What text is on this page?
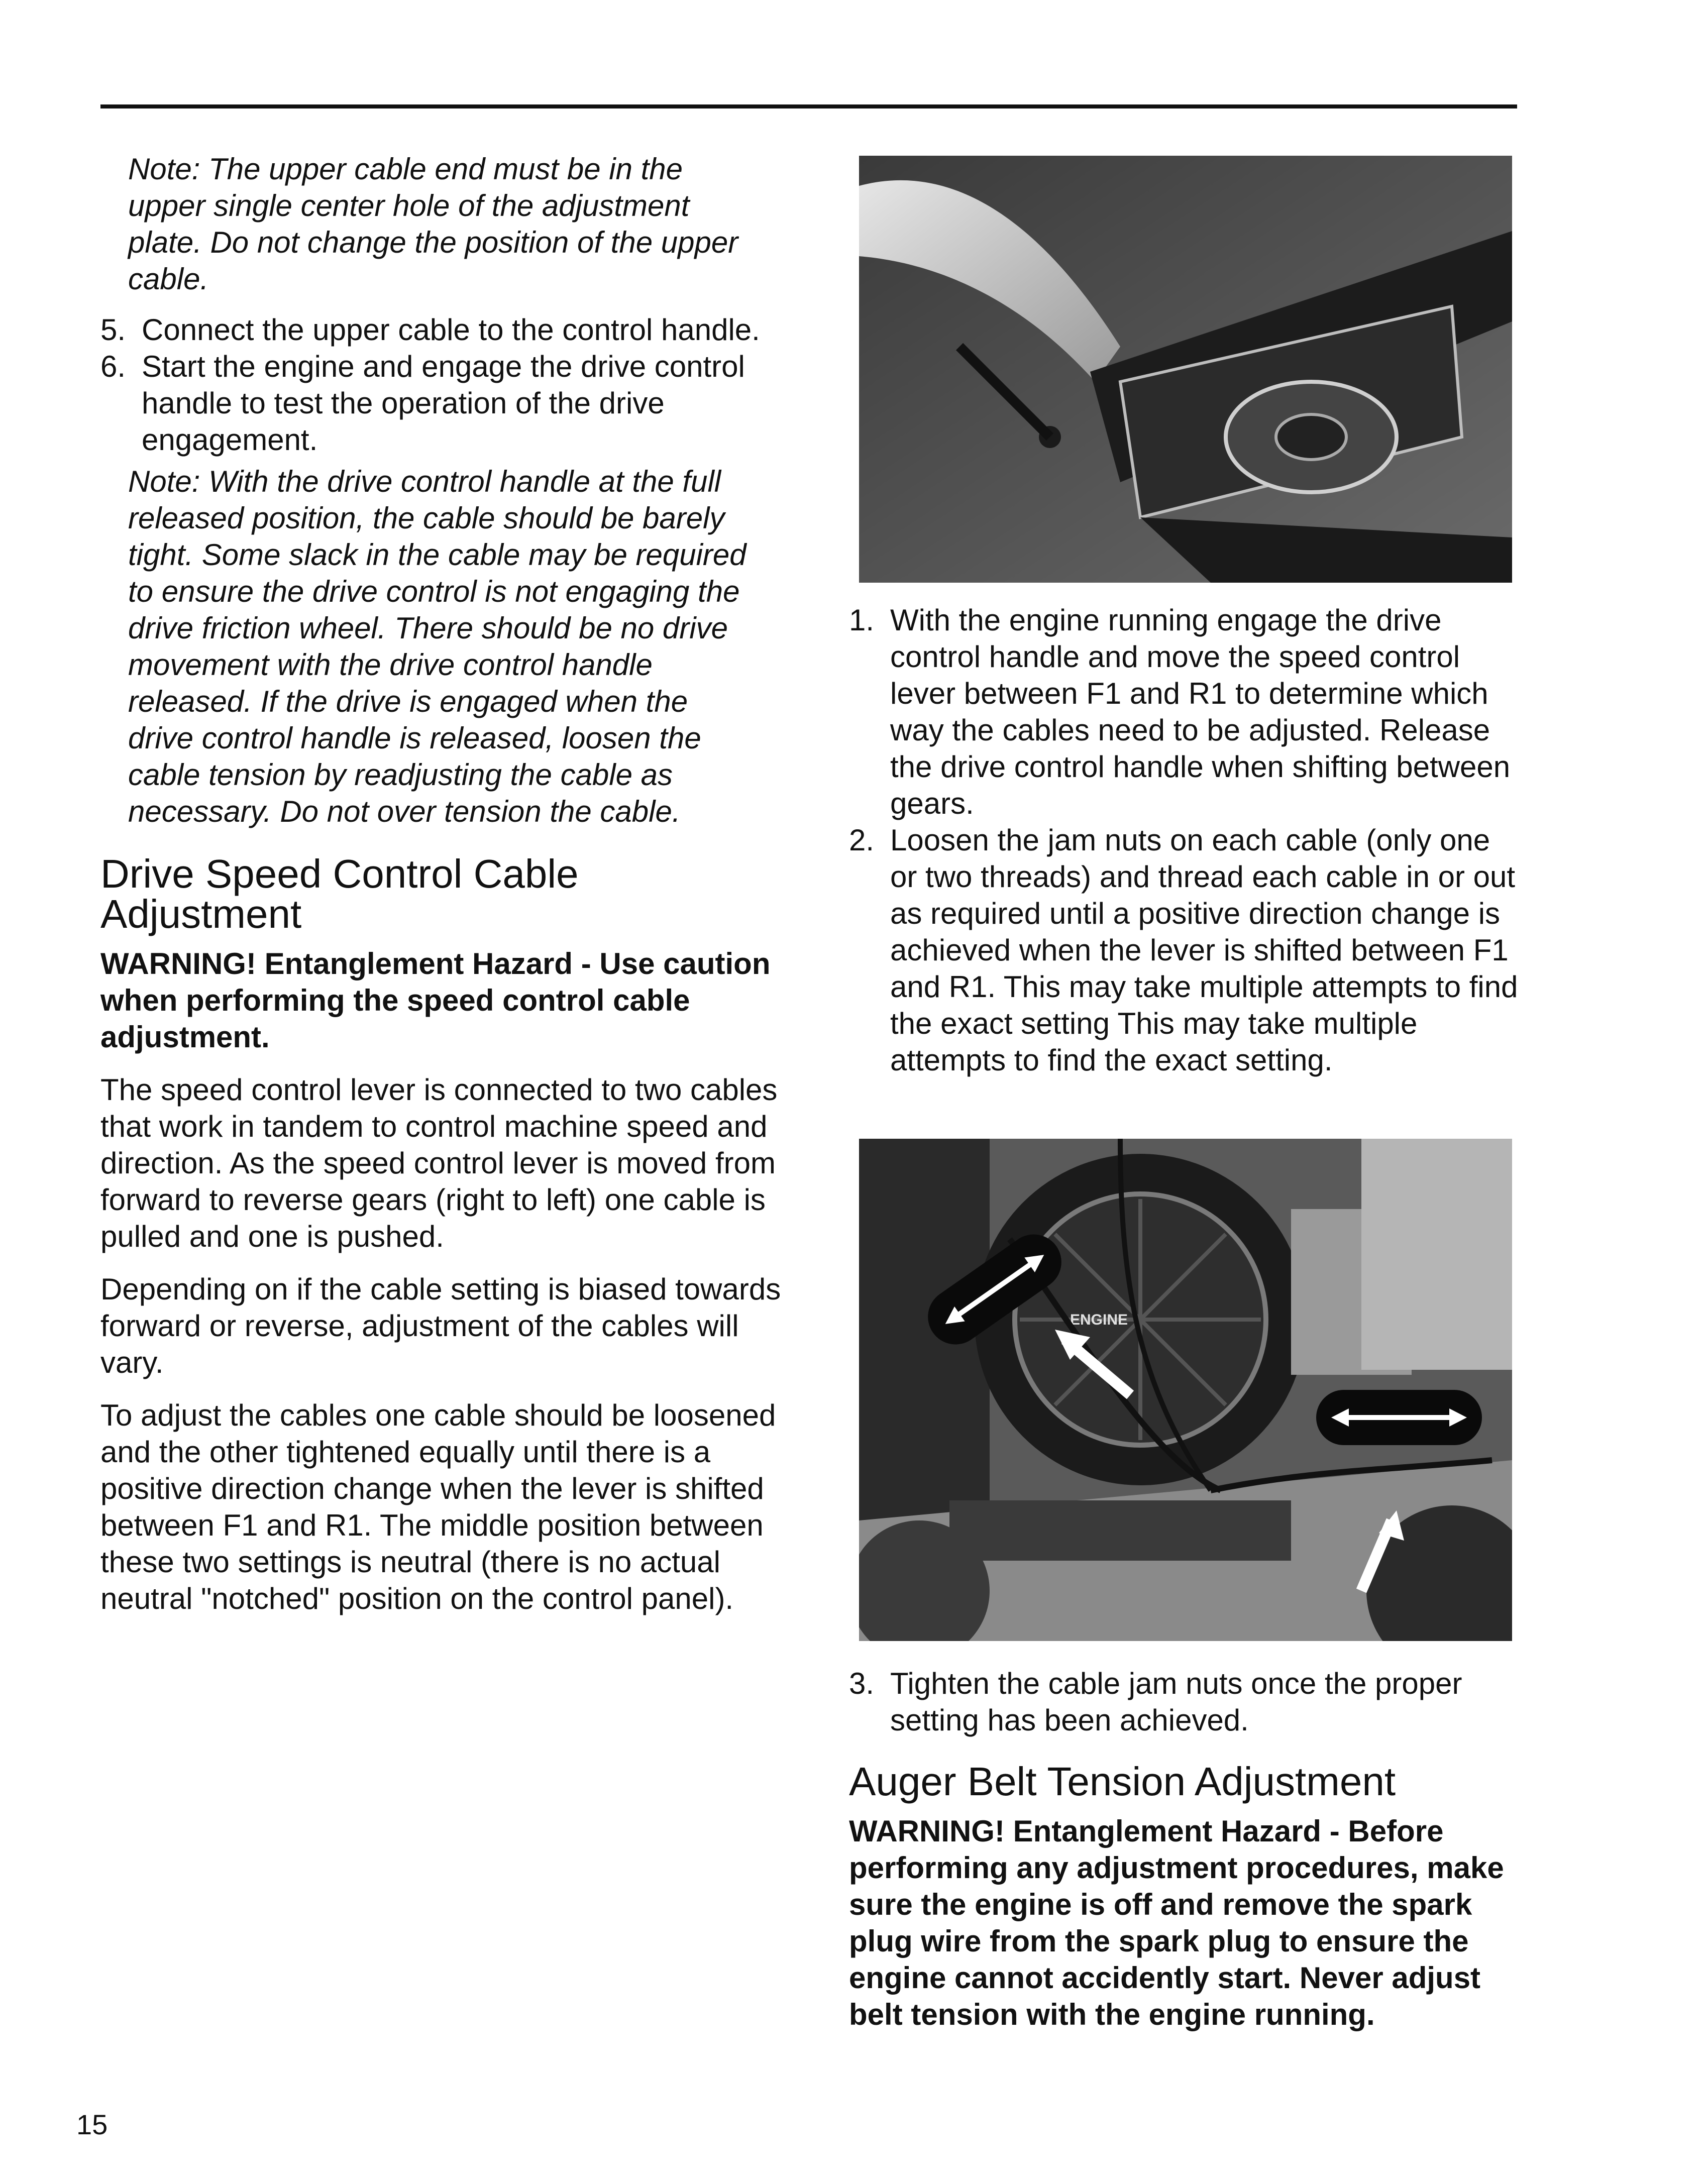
Note: The upper cable end must be in the upper single center hole of the adjustment plate. Do not change the position of the upper cable.

5. Connect the upper cable to the control handle.
6. Start the engine and engage the drive control handle to test the operation of the drive engagement.

Note: With the drive control handle at the full released position, the cable should be barely tight. Some slack in the cable may be required to ensure the drive control is not engaging the drive friction wheel. There should be no drive movement with the drive control handle released. If the drive is engaged when the drive control handle is released, loosen the cable tension by readjusting the cable as necessary. Do not over tension the cable.

Drive Speed Control Cable Adjustment

WARNING! Entanglement Hazard - Use caution when performing the speed control cable adjustment.

The speed control lever is connected to two cables that work in tandem to control machine speed and direction. As the speed control lever is moved from forward to reverse gears (right to left) one cable is pulled and one is pushed.

Depending on if the cable setting is biased towards forward or reverse, adjustment of the cables will vary.

To adjust the cables one cable should be loosened and the other tightened equally until there is a positive direction change when the lever is shifted between F1 and R1. The middle position between these two settings is neutral (there is no actual neutral "notched" position on the control panel).

1. With the engine running engage the drive control handle and move the speed control lever between F1 and R1 to determine which way the cables need to be adjusted. Release the drive control handle when shifting between gears.
2. Loosen the jam nuts on each cable (only one or two threads) and thread each cable in or out as required until a positive direction change is achieved when the lever is shifted between F1 and R1. This may take multiple attempts to find the exact setting This may take multiple attempts to find the exact setting.
ENGINE
3. Tighten the cable jam nuts once the proper setting has been achieved.
Auger Belt Tension Adjustment

WARNING! Entanglement Hazard - Before performing any adjustment procedures, make sure the engine is off and remove the spark plug wire from the spark plug to ensure the engine cannot accidently start. Never adjust belt tension with the engine running.

15
